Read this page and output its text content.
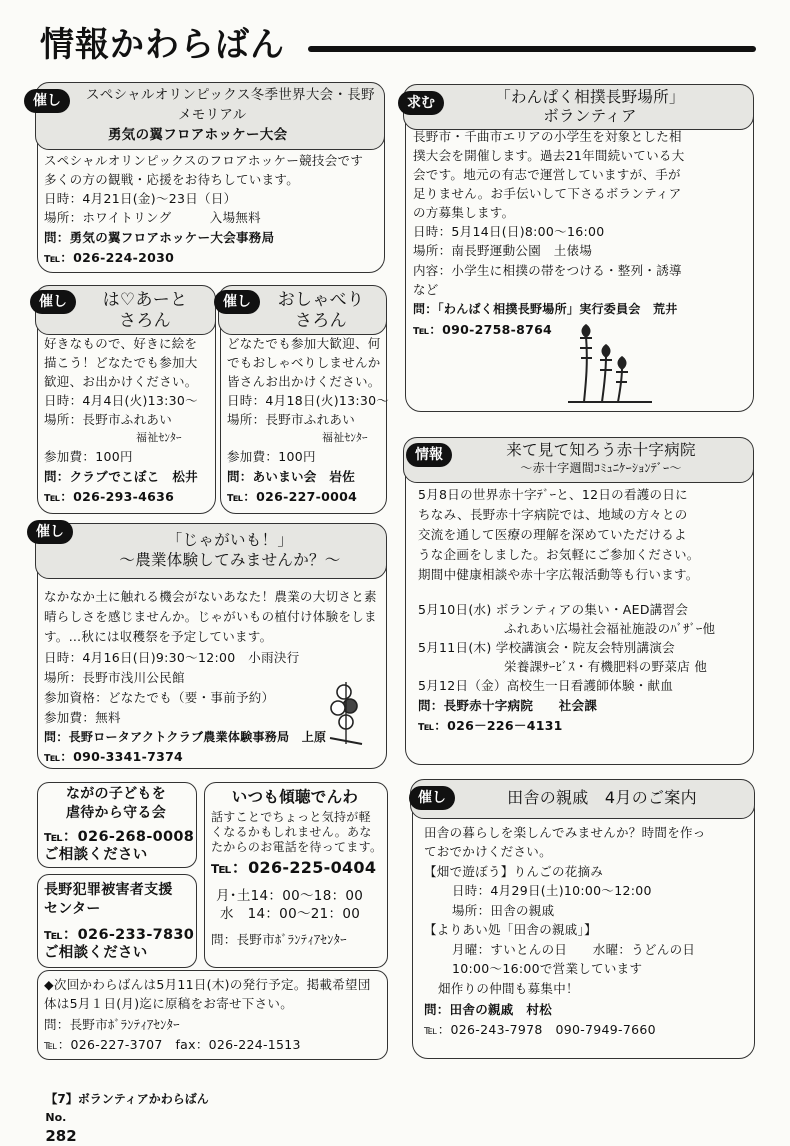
情報かわらばん
催し	スペシャルオリンピックス冬季世界大会・長野
メモリアル
勇気の翼フロアホッケー大会
スペシャルオリンピックスのフロアホッケー競技会です
多くの方の観戦・応援をお待ちしています。
日時：4月21日(金)～23日（日）
場所：ホワイトリング　　　入場無料
問：勇気の翼フロアホッケー大会事務局
℡：026-224-2030
求む	「わんぱく相撲長野場所」
ボランティア
長野市・千曲市エリアの小学生を対象とした相
撲大会を開催します。過去21年間続いている大
会です。地元の有志で運営していますが、手が
足りません。お手伝いして下さるボランティア
の方募集します。
日時：5月14日(日)8:00～16:00
場所：南長野運動公園　土俵場
内容：小学生に相撲の帯をつける・整列・誘導
など
問：「わんぱく相撲長野場所」実行委員会　荒井
℡：090-2758-8764
催し	は♡あーと
さろん
好きなもので、好きに絵を
描こう！どなたでも参加大
歓迎、お出かけください。
日時：4月4日(火)13:30～
場所：長野市ふれあい
福祉ｾﾝﾀｰ
参加費：100円
問：クラブでこぼこ　松井
℡：026-293-4636
催し	おしゃべり
さろん
どなたでも参加大歓迎、何
でもおしゃべりしませんか
皆さんお出かけください。
日時：4月18日(火)13:30～
場所：長野市ふれあい
福祉ｾﾝﾀｰ
参加費：100円
問：あいまい会　岩佐
℡：026-227-0004
情報	来て見て知ろう赤十字病院
～赤十字週間ｺﾐｭﾆｹｰｼｮﾝﾃﾞｰ～
5月8日の世界赤十字ﾃﾞｰと、12日の看護の日に
ちなみ、長野赤十字病院では、地域の方々との
交流を通して医療の理解を深めていただけるよ
うな企画をしました。お気軽にご参加ください。
期間中健康相談や赤十字広報活動等も行います。
5月10日(水) ボランティアの集い・AED講習会
ふれあい広場社会福祉施設のﾊﾞｻﾞｰ他
5月11日(木) 学校講演会・院友会特別講演会
栄養課ｻｰﾋﾞｽ・有機肥料の野菜店 他
5月12日（金）高校生一日看護師体験・献血
問：長野赤十字病院　　社会課
℡：026－226－4131
催し	「じゃがいも！」
～農業体験してみませんか？～
なかなか土に触れる機会がないあなた！農業の大切さと素
晴らしさを感じませんか。じゃがいもの植付け体験をしま
す。…秋には収穫祭を予定しています。
日時：4月16日(日)9:30～12:00　小雨決行
場所：長野市浅川公民館
参加資格：どなたでも（要・事前予約）
参加費：無料
問：長野ロータアクトクラブ農業体験事務局　上原
℡：090-3341-7374
ながの子どもを
虐待から守る会
℡：026-268-0008
ご相談ください
長野犯罪被害者支援
センター
℡：026-233-7830
ご相談ください
いつも傾聴でんわ
話すことでちょっと気持が軽
くなるかもしれません。あな
たからのお電話を待ってます。
℡：026-225-0404
月･土14：00～18：00
水　14：00～21：00
問：長野市ﾎﾞﾗﾝﾃｨｱｾﾝﾀｰ
◆次回かわらばんは5月11日(木)の発行予定。掲載希望団
体は5月１日(月)迄に原稿をお寄せ下さい。
問：長野市ﾎﾞﾗﾝﾃｨｱｾﾝﾀｰ
℡：026-227-3707　fax：026-224-1513
催し	田舎の親戚　4月のご案内
田舎の暮らしを楽しんでみませんか？時間を作っ
ておでかけください。
【畑で遊ぼう】りんごの花摘み
日時：4月29日(土)10:00～12:00
場所：田舎の親戚
【よりあい処「田舎の親戚」】
月曜：すいとんの日　　水曜：うどんの日
10:00～16:00で営業しています
畑作りの仲間も募集中！
問：田舎の親戚　村松
℡：026-243-7978　090-7949-7660

【7】ボランティアかわらばん
No.
282
